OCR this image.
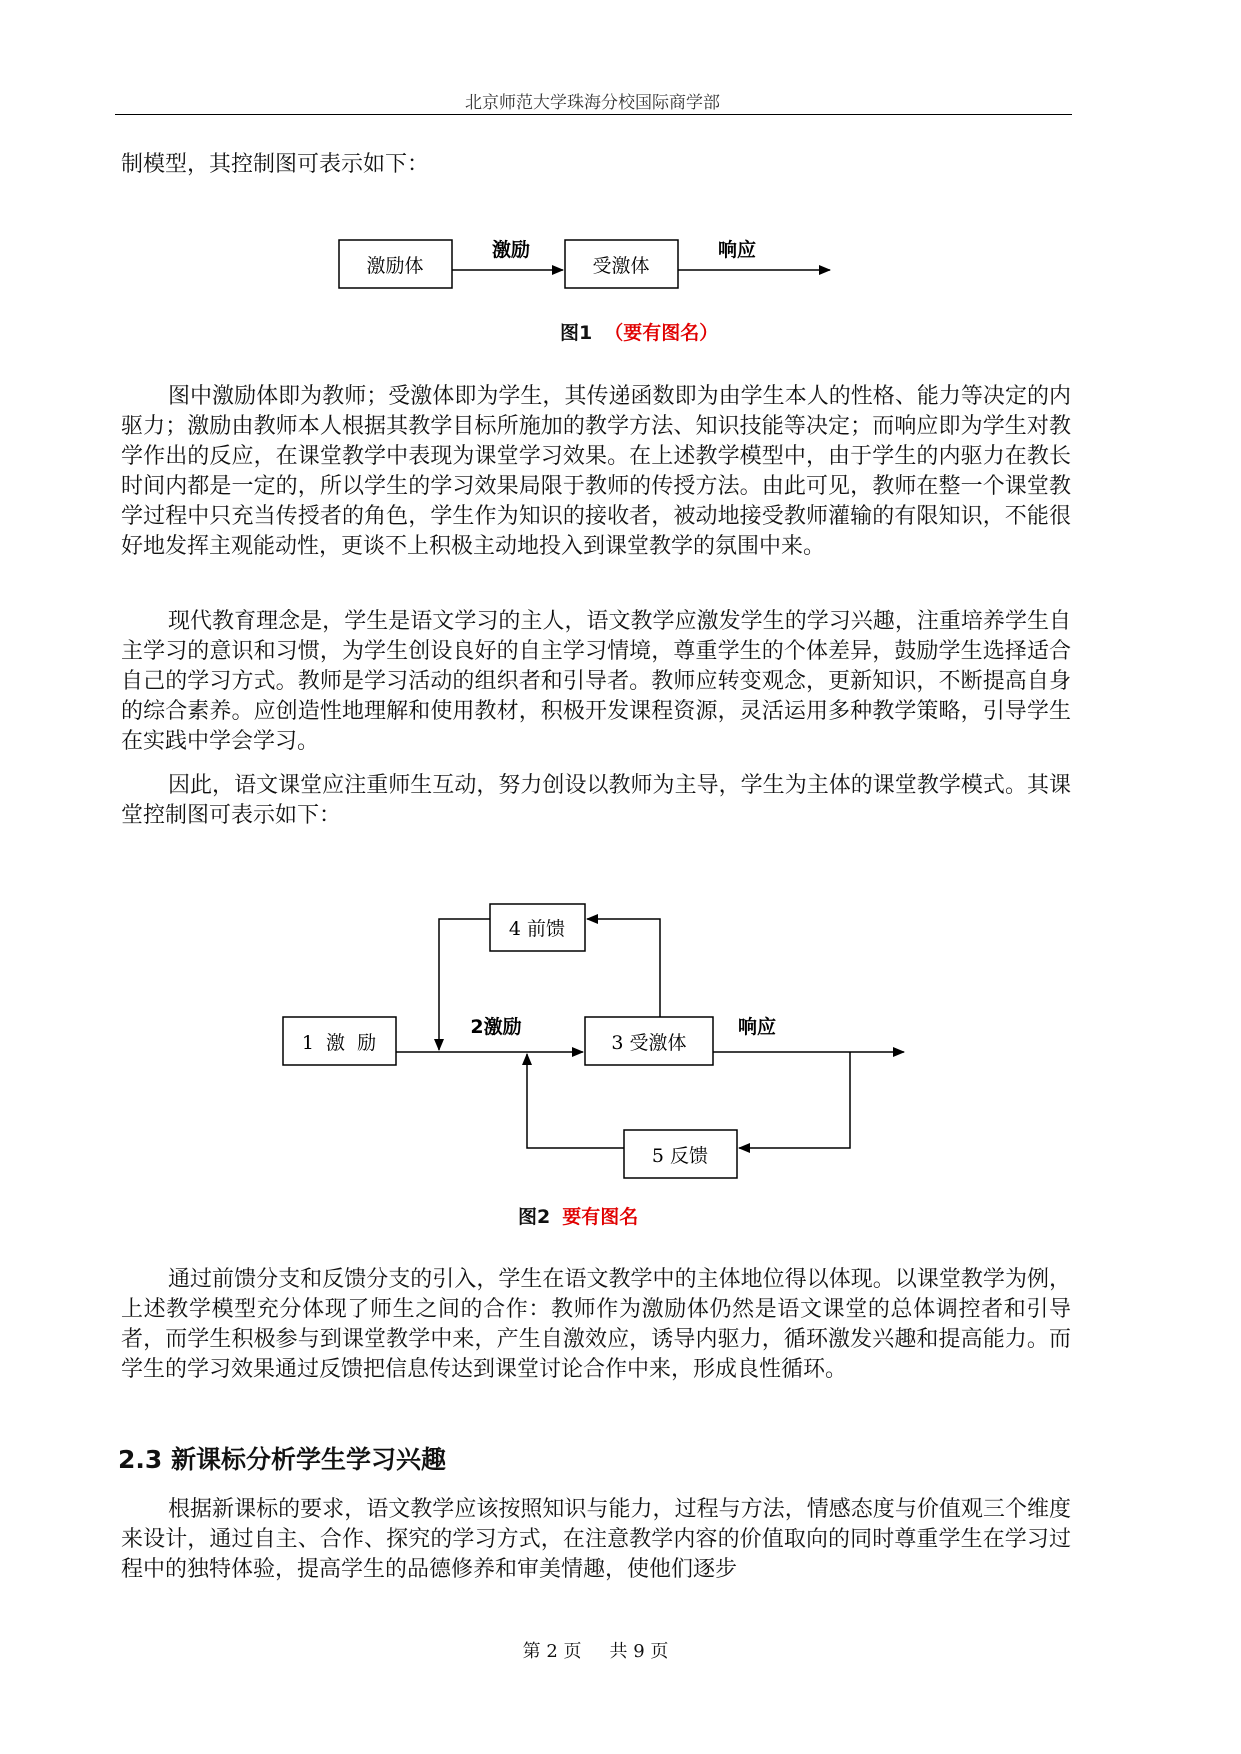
北京师范大学珠海分校国际商学部

制模型，其控制图可表示如下：

激励体
激励
受激体
响应
图1 （要有图名）

图中激励体即为教师；受激体即为学生，其传递函数即为由学生本人的性格、能力等决定的内驱力；激励由教师本人根据其教学目标所施加的教学方法、知识技能等决定；而响应即为学生对教学作出的反应，在课堂教学中表现为课堂学习效果。在上述教学模型中，由于学生的内驱力在教长时间内都是一定的，所以学生的学习效果局限于教师的传授方法。由此可见，教师在整一个课堂教学过程中只充当传授者的角色，学生作为知识的接收者，被动地接受教师灌输的有限知识，不能很好地发挥主观能动性，更谈不上积极主动地投入到课堂教学的氛围中来。

现代教育理念是，学生是语文学习的主人，语文教学应激发学生的学习兴趣，注重培养学生自主学习的意识和习惯，为学生创设良好的自主学习情境，尊重学生的个体差异，鼓励学生选择适合自己的学习方式。教师是学习活动的组织者和引导者。教师应转变观念，更新知识，不断提高自身的综合素养。应创造性地理解和使用教材，积极开发课程资源，灵活运用多种教学策略，引导学生在实践中学会学习。

因此，语文课堂应注重师生互动，努力创设以教师为主导，学生为主体的课堂教学模式。其课堂控制图可表示如下：

1  激  励	3 受激体
4 前馈
5 反馈
2激励	响应
图2 要有图名

通过前馈分支和反馈分支的引入，学生在语文教学中的主体地位得以体现。以课堂教学为例，上述教学模型充分体现了师生之间的合作：教师作为激励体仍然是语文课堂的总体调控者和引导者，而学生积极参与到课堂教学中来，产生自激效应，诱导内驱力，循环激发兴趣和提高能力。而学生的学习效果通过反馈把信息传达到课堂讨论合作中来，形成良性循环。

2.3 新课标分析学生学习兴趣

根据新课标的要求，语文教学应该按照知识与能力，过程与方法，情感态度与价值观三个维度来设计，通过自主、合作、探究的学习方式，在注意教学内容的价值取向的同时尊重学生在学习过程中的独特体验，提高学生的品德修养和审美情趣，使他们逐步

第 2 页 共 9 页
